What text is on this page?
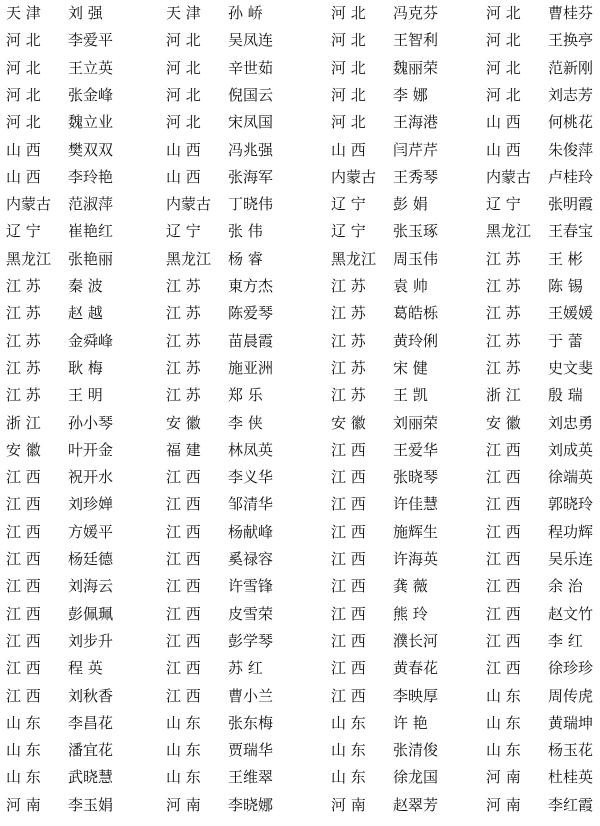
天 津	刘 强	天 津	孙 峤	河 北	冯克芬	河 北	曹桂芬
河 北	李爱平	河 北	吴凤连	河 北	王智利	河 北	王换亭
河 北	王立英	河 北	辛世茹	河 北	魏丽荣	河 北	范新刚
河 北	张金峰	河 北	倪国云	河 北	李 娜	河 北	刘志芳
河 北	魏立业	河 北	宋凤国	河 北	王海港	山 西	何桃花
山 西	樊双双	山 西	冯兆强	山 西	闫芹芹	山 西	朱俊萍
山 西	李玲艳	山 西	张海军	内蒙古	王秀琴	内蒙古	卢桂玲
内蒙古	范淑萍	内蒙古	丁晓伟	辽 宁	彭 娟	辽 宁	张明霞
辽 宁	崔艳红	辽 宁	张 伟	辽 宁	张玉琢	黑龙江	王春宝
黑龙江	张艳丽	黑龙江	杨 睿	黑龙江	周玉伟	江 苏	王 彬
江 苏	秦 波	江 苏	東方杰	江 苏	袁 帅	江 苏	陈 锡
江 苏	赵 越	江 苏	陈爱琴	江 苏	葛皓栎	江 苏	王媛媛
江 苏	金舜峰	江 苏	苗晨霞	江 苏	黄玲俐	江 苏	于 蕾
江 苏	耿 梅	江 苏	施亚洲	江 苏	宋 健	江 苏	史文斐
江 苏	王 明	江 苏	郑 乐	江 苏	王 凯	浙 江	殷 瑞
浙 江	孙小琴	安 徽	李 侠	安 徽	刘丽荣	安 徽	刘忠勇
安 徽	叶开金	福 建	林凤英	江 西	王爱华	江 西	刘成英
江 西	祝开水	江 西	李义华	江 西	张晓琴	江 西	徐端英
江 西	刘珍婵	江 西	邹清华	江 西	许佳慧	江 西	郭晓玲
江 西	方媛平	江 西	杨献峰	江 西	施辉生	江 西	程功辉
江 西	杨廷德	江 西	奚禄容	江 西	许海英	江 西	吴乐连
江 西	刘海云	江 西	许雪锋	江 西	龚 薇	江 西	余 治
江 西	彭佩珮	江 西	皮雪荣	江 西	熊 玲	江 西	赵文竹
江 西	刘步升	江 西	彭学琴	江 西	濮长河	江 西	李 红
江 西	程 英	江 西	苏 红	江 西	黄春花	江 西	徐珍珍
江 西	刘秋香	江 西	曹小兰	江 西	李映厚	山 东	周传虎
山 东	李昌花	山 东	张东梅	山 东	许 艳	山 东	黄瑞坤
山 东	潘宜花	山 东	贾瑞华	山 东	张清俊	山 东	杨玉花
山 东	武晓慧	山 东	王维翠	山 东	徐龙国	河 南	杜桂英
河 南	李玉娟	河 南	李晓娜	河 南	赵翠芳	河 南	李红霞
